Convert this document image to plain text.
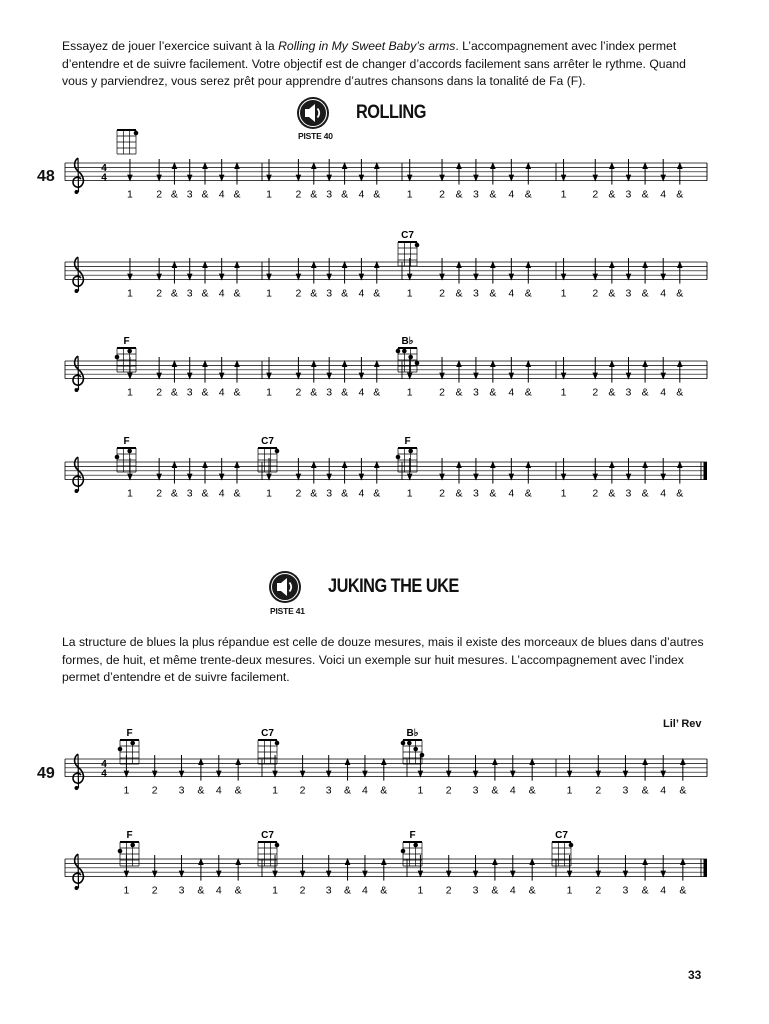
Essayez de jouer l’exercice suivant à la Rolling in My Sweet Baby’s arms. L’accompagnement avec l’index permet d’entendre et de suivre facilement. Votre objectif est de changer d’accords facilement sans arrêter le rythme. Quand vous y parviendrez, vous serez prêt pour apprendre d’autres chansons dans la tonalité de Fa (F).

ROLLING
PISTE 40
48
JUKING THE UKE
PISTE 41

La structure de blues la plus répandue est celle de douze mesures, mais il existe des morceaux de blues dans d’autres formes, de huit, et même trente-deux mesures. Voici un exemple sur huit mesures. L’accompagnement avec l’index permet d’entendre et de suivre facilement.

Lil’ Rev
49
33
4
4
1 2 & 3 & 4 & 1 2 & 3 & 4 &	1	2 & 3 & 4 &	1 2 & 3 & 4 &
1 2 & 3 & 4 & 1 2 & 3 & 4 &	1	2 & 3 & 4 &	1 2 & 3 & 4 &
C7
1 2 & 3 & 4 & 1 2 & 3 & 4 &	1	2 & 3 & 4 &	1 2 & 3 & 4 &
F	B♭
1 2 & 3 & 4 & 1 2 & 3 & 4 &	1	2 & 3 & 4 &	1 2 & 3 & 4 &
F	C7	F
4
4
1 2 3 & 4 &	1 2 3 & 4 &	1 2 3 & 4 &	1 2 3 & 4 &
F	C7	B♭
1 2 3 & 4 &	1 2 3 & 4 &	1 2 3 & 4 &	1 2 3 & 4 &
F	C7	F	C7
